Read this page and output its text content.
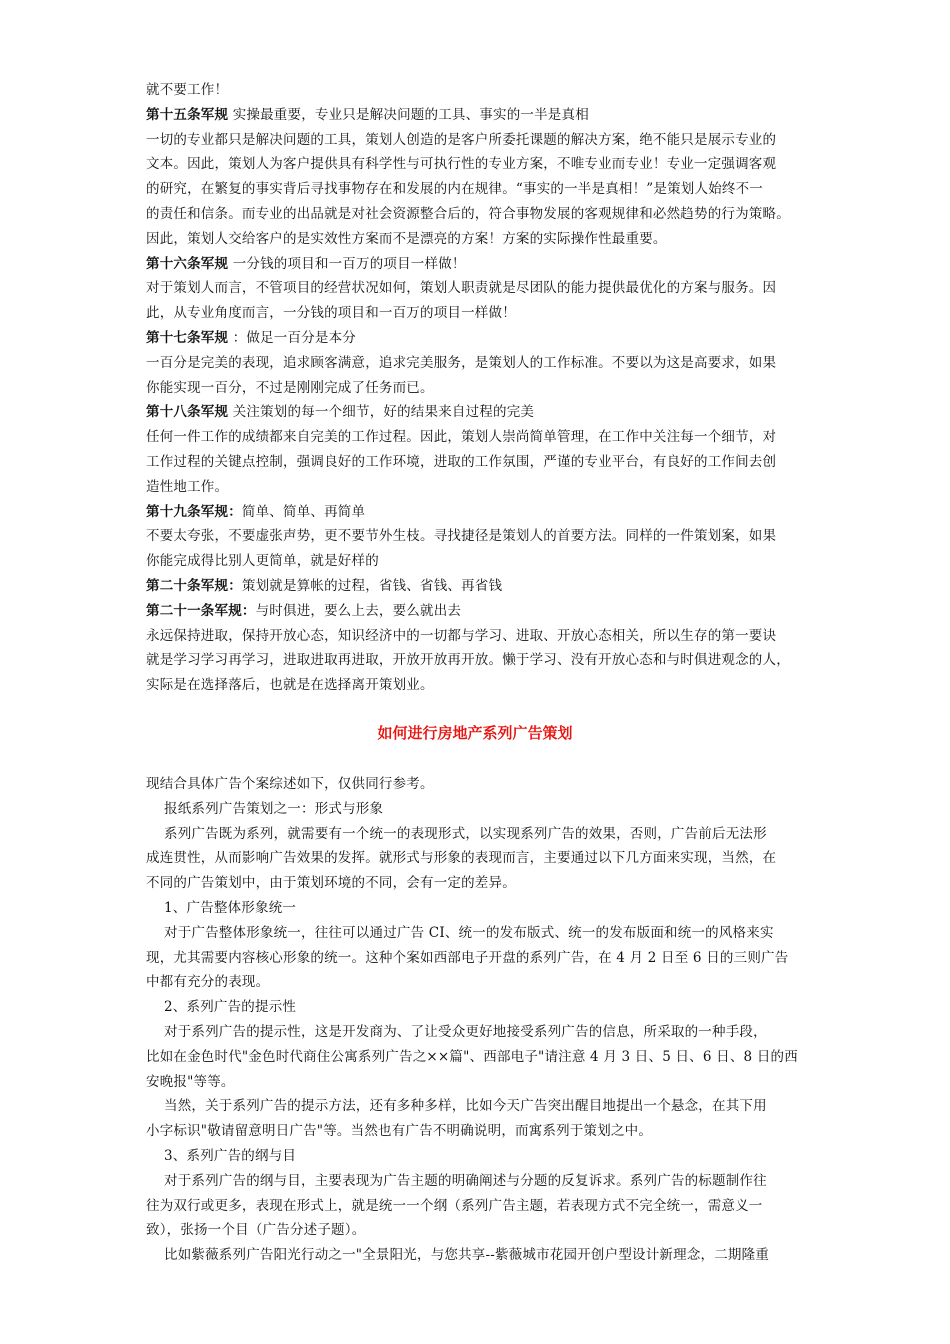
就不要工作！
第十五条军规 实操最重要，专业只是解决问题的工具、事实的一半是真相
一切的专业都只是解决问题的工具，策划人创造的是客户所委托课题的解决方案，绝不能只是展示专业的
文本。因此，策划人为客户提供具有科学性与可执行性的专业方案，不唯专业而专业！专业一定强调客观
的研究，在繁复的事实背后寻找事物存在和发展的内在规律。“事实的一半是真相！”是策划人始终不一
的责任和信条。而专业的出品就是对社会资源整合后的，符合事物发展的客观规律和必然趋势的行为策略。
因此，策划人交给客户的是实效性方案而不是漂亮的方案！方案的实际操作性最重要。
第十六条军规 一分钱的项目和一百万的项目一样做！
对于策划人而言，不管项目的经营状况如何，策划人职责就是尽团队的能力提供最优化的方案与服务。因
此，从专业角度而言，一分钱的项目和一百万的项目一样做！
第十七条军规 ：做足一百分是本分
一百分是完美的表现，追求顾客满意，追求完美服务，是策划人的工作标准。不要以为这是高要求，如果
你能实现一百分，不过是刚刚完成了任务而已。
第十八条军规 关注策划的每一个细节，好的结果来自过程的完美
任何一件工作的成绩都来自完美的工作过程。因此，策划人崇尚简单管理，在工作中关注每一个细节，对
工作过程的关键点控制，强调良好的工作环境，进取的工作氛围，严谨的专业平台，有良好的工作间去创
造性地工作。
第十九条军规：简单、简单、再简单
不要太夸张，不要虚张声势，更不要节外生枝。寻找捷径是策划人的首要方法。同样的一件策划案，如果
你能完成得比别人更简单，就是好样的
第二十条军规：策划就是算帐的过程，省钱、省钱、再省钱
第二十一条军规：与时俱进，要么上去，要么就出去
永远保持进取，保持开放心态，知识经济中的一切都与学习、进取、开放心态相关，所以生存的第一要诀
就是学习学习再学习，进取进取再进取，开放开放再开放。懒于学习、没有开放心态和与时俱进观念的人，
实际是在选择落后，也就是在选择离开策划业。
如何进行房地产系列广告策划
现结合具体广告个案综述如下，仅供同行参考。
报纸系列广告策划之一：形式与形象
系列广告既为系列，就需要有一个统一的表现形式，以实现系列广告的效果，否则，广告前后无法形
成连贯性，从而影响广告效果的发挥。就形式与形象的表现而言，主要通过以下几方面来实现，当然，在
不同的广告策划中，由于策划环境的不同，会有一定的差异。
1、广告整体形象统一
对于广告整体形象统一，往往可以通过广告 CI、统一的发布版式、统一的发布版面和统一的风格来实
现，尤其需要内容核心形象的统一。这种个案如西部电子开盘的系列广告，在 4 月 2 日至 6 日的三则广告
中都有充分的表现。
2、系列广告的提示性
对于系列广告的提示性，这是开发商为、了让受众更好地接受系列广告的信息，所采取的一种手段，
比如在金色时代"金色时代商住公寓系列广告之××篇"、西部电子"请注意 4 月 3 日、5 日、6 日、8 日的西
安晚报"等等。
当然，关于系列广告的提示方法，还有多种多样，比如今天广告突出醒目地提出一个悬念，在其下用
小字标识"敬请留意明日广告"等。当然也有广告不明确说明，而寓系列于策划之中。
3、系列广告的纲与目
对于系列广告的纲与目，主要表现为广告主题的明确阐述与分题的反复诉求。系列广告的标题制作往
往为双行或更多，表现在形式上，就是统一一个纲（系列广告主题，若表现方式不完全统一，需意义一
致），张扬一个目（广告分述子题）。
比如紫薇系列广告阳光行动之一"全景阳光，与您共享--紫薇城市花园开创户型设计新理念，二期隆重
